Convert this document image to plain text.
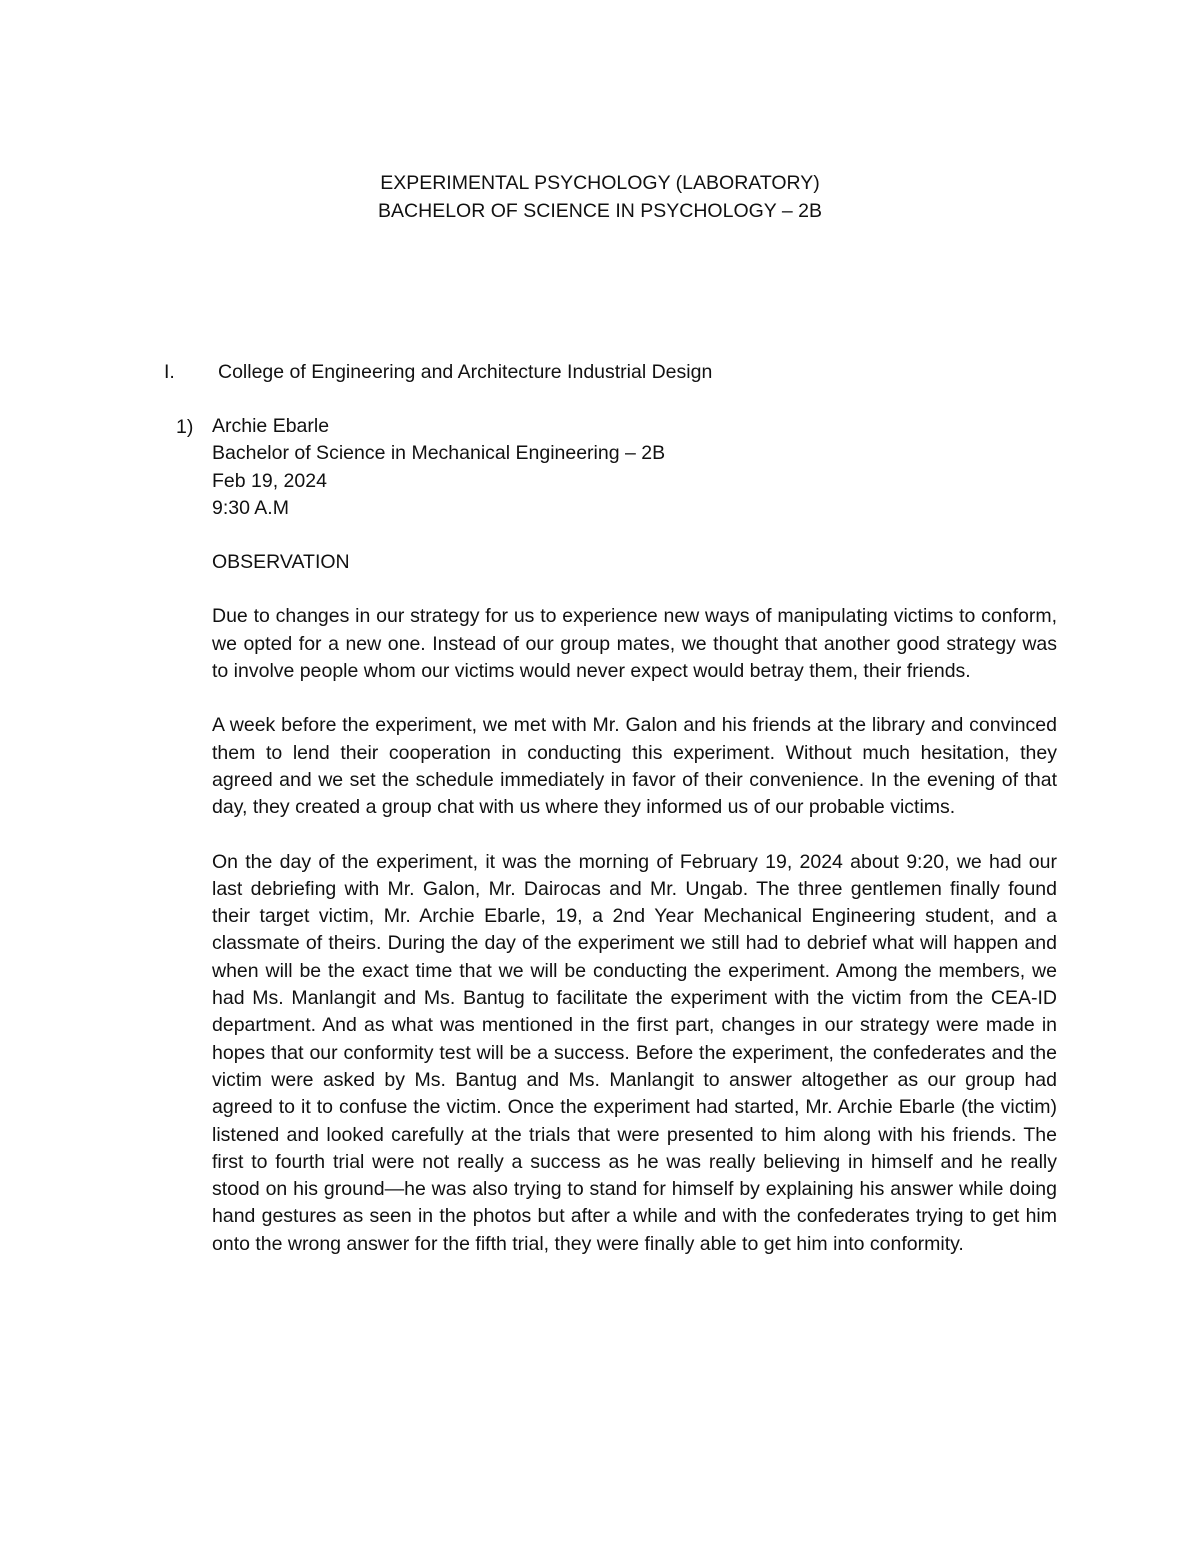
EXPERIMENTAL PSYCHOLOGY (LABORATORY)
BACHELOR OF SCIENCE IN PSYCHOLOGY – 2B
I. College of Engineering and Architecture Industrial Design
1) Archie Ebarle
Bachelor of Science in Mechanical Engineering – 2B
Feb 19, 2024
9:30 A.M
OBSERVATION

Due to changes in our strategy for us to experience new ways of manipulating victims to conform, we opted for a new one. Instead of our group mates, we thought that another good strategy was to involve people whom our victims would never expect would betray them, their friends.

A week before the experiment, we met with Mr. Galon and his friends at the library and convinced them to lend their cooperation in conducting this experiment. Without much hesitation, they agreed and we set the schedule immediately in favor of their convenience. In the evening of that day, they created a group chat with us where they informed us of our probable victims.

On the day of the experiment, it was the morning of February 19, 2024 about 9:20, we had our last debriefing with Mr. Galon, Mr. Dairocas and Mr. Ungab. The three gentlemen finally found their target victim, Mr. Archie Ebarle, 19, a 2nd Year Mechanical Engineering student, and a classmate of theirs. During the day of the experiment we still had to debrief what will happen and when will be the exact time that we will be conducting the experiment. Among the members, we had Ms. Manlangit and Ms. Bantug to facilitate the experiment with the victim from the CEA-ID department. And as what was mentioned in the first part, changes in our strategy were made in hopes that our conformity test will be a success. Before the experiment, the confederates and the victim were asked by Ms. Bantug and Ms. Manlangit to answer altogether as our group had agreed to it to confuse the victim. Once the experiment had started, Mr. Archie Ebarle (the victim) listened and looked carefully at the trials that were presented to him along with his friends. The first to fourth trial were not really a success as he was really believing in himself and he really stood on his ground—he was also trying to stand for himself by explaining his answer while doing hand gestures as seen in the photos but after a while and with the confederates trying to get him onto the wrong answer for the fifth trial, they were finally able to get him into conformity.
